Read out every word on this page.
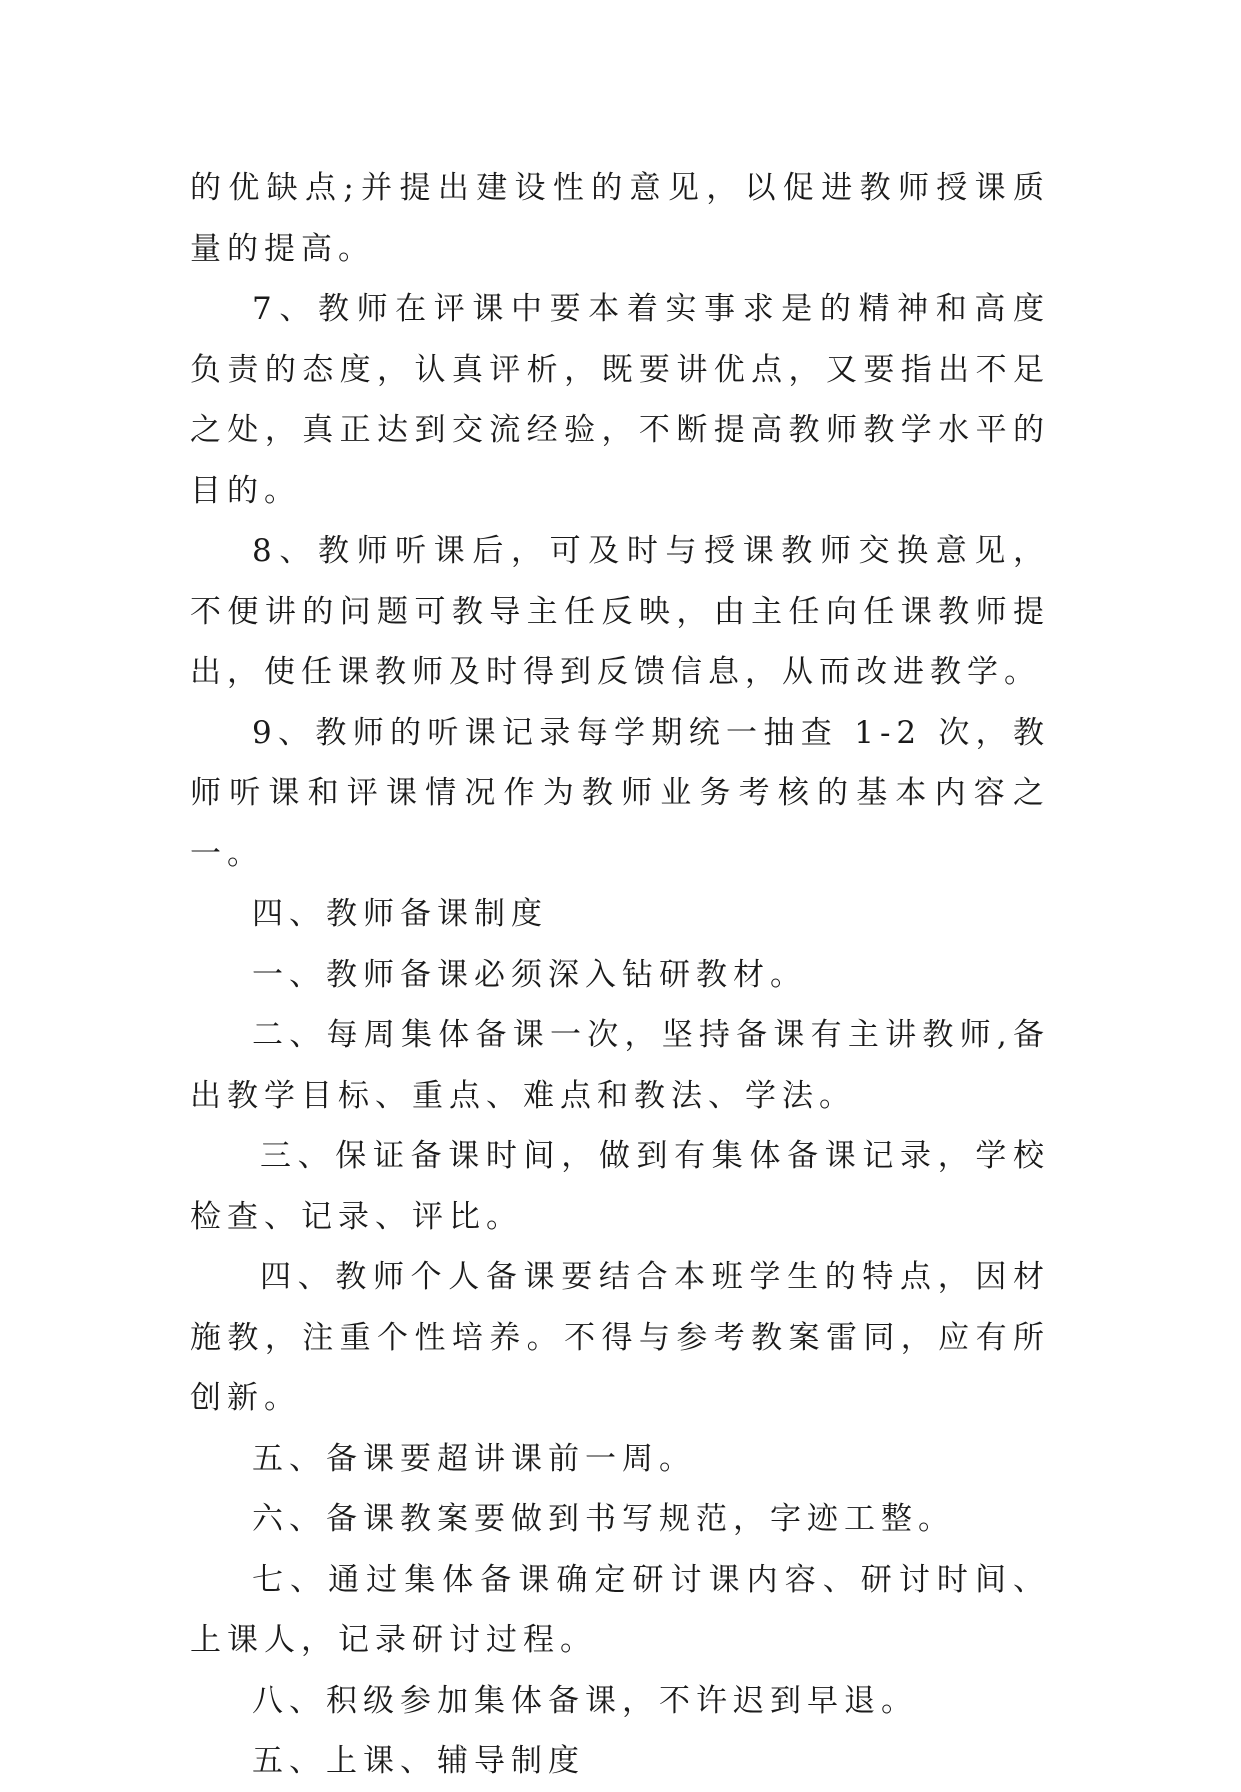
的优缺点;并提出建设性的意见，以促进教师授课质量的提高。

7、教师在评课中要本着实事求是的精神和高度负责的态度，认真评析，既要讲优点，又要指出不足之处，真正达到交流经验，不断提高教师教学水平的目的。

8、教师听课后，可及时与授课教师交换意见，不便讲的问题可教导主任反映，由主任向任课教师提出，使任课教师及时得到反馈信息，从而改进教学。

9、教师的听课记录每学期统一抽查 1-2 次，教师听课和评课情况作为教师业务考核的基本内容之一。

四、教师备课制度

一、教师备课必须深入钻研教材。

二、每周集体备课一次，坚持备课有主讲教师,备出教学目标、重点、难点和教法、学法。

三、保证备课时间，做到有集体备课记录，学校检查、记录、评比。

四、教师个人备课要结合本班学生的特点，因材施教，注重个性培养。不得与参考教案雷同，应有所创新。

五、备课要超讲课前一周。

六、备课教案要做到书写规范，字迹工整。

七、通过集体备课确定研讨课内容、研讨时间、上课人，记录研讨过程。

八、积级参加集体备课，不许迟到早退。

五、上课、辅导制度
